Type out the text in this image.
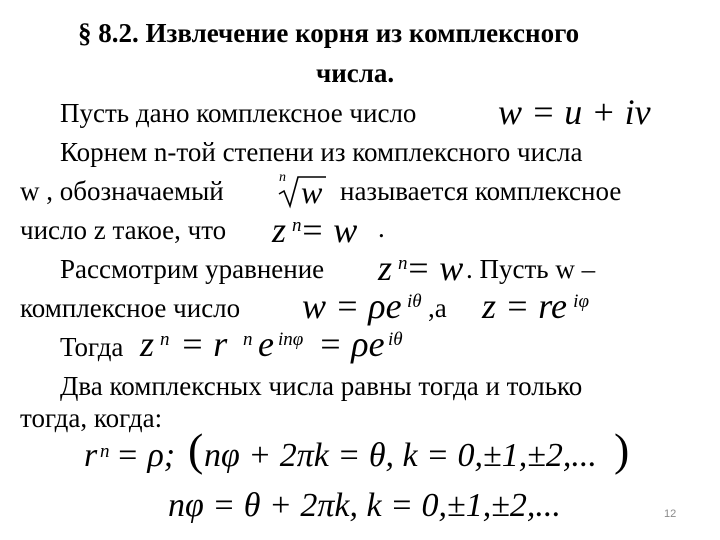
§ 8.2. Извлечение корня из комплексного
числа.
Пусть дано комплексное число w = u + iv
Корнем n-той степени из комплексного числа
w , обозначаемый	n w называется комплексное
число z такое, что z = w
n	.
Рассмотрим уравнение z = w
n . Пусть w –
комплексное число w = ρe iθ ,а z = re iφ
Тогда z n = r n e inφ = ρe iθ
Два комплексных числа равны тогда и только
тогда, когда:
r n = ρ; ( nφ + 2πk = θ, k = 0,±1,±2,... )
nφ = θ + 2πk, k = 0,±1,±2,...	12
